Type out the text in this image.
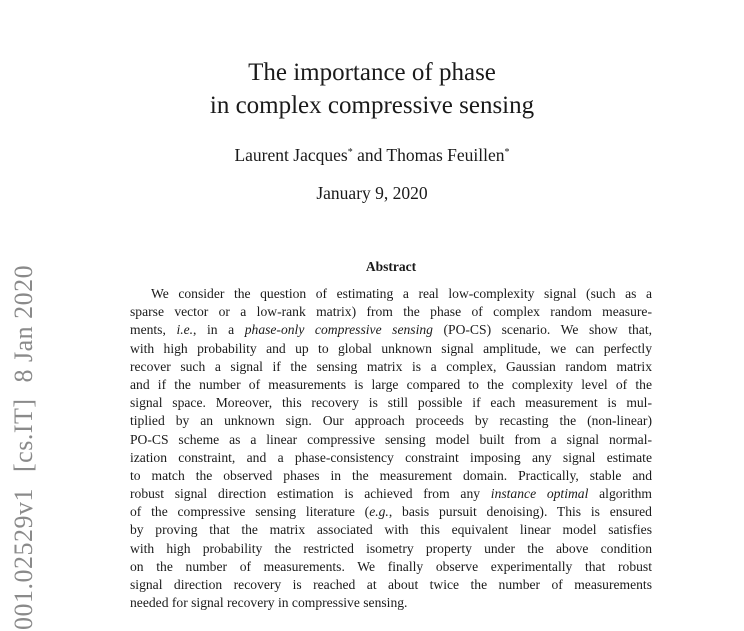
001.02529v1
[cs.IT]
8 Jan 2020
The importance of phase
in complex compressive sensing
Laurent Jacques* and Thomas Feuillen*
January 9, 2020
Abstract
We consider the question of estimating a real low-complexity signal (such as a
sparse vector or a low-rank matrix) from the phase of complex random measure-
ments, i.e., in a phase-only compressive sensing (PO-CS) scenario. We show that,
with high probability and up to global unknown signal amplitude, we can perfectly
recover such a signal if the sensing matrix is a complex, Gaussian random matrix
and if the number of measurements is large compared to the complexity level of the
signal space. Moreover, this recovery is still possible if each measurement is mul-
tiplied by an unknown sign. Our approach proceeds by recasting the (non-linear)
PO-CS scheme as a linear compressive sensing model built from a signal normal-
ization constraint, and a phase-consistency constraint imposing any signal estimate
to match the observed phases in the measurement domain. Practically, stable and
robust signal direction estimation is achieved from any instance optimal algorithm
of the compressive sensing literature (e.g., basis pursuit denoising). This is ensured
by proving that the matrix associated with this equivalent linear model satisfies
with high probability the restricted isometry property under the above condition
on the number of measurements. We finally observe experimentally that robust
signal direction recovery is reached at about twice the number of measurements
needed for signal recovery in compressive sensing.
